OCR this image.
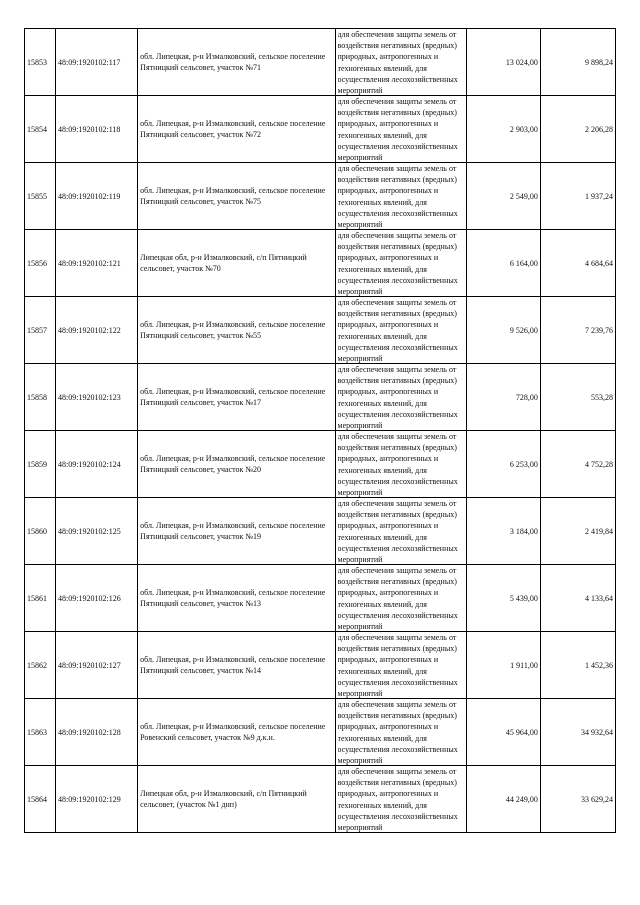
15853	48:09:1920102:117	обл. Липецкая, р-н Измалковский, сельское поселение Пятницкий сельсовет, участок №71	для обеспечения защиты земель от воздействия негативных (вредных) природных, антропогенных и техногенных явлений, для осуществления лесохозяйственных мероприятий	13 024,00	9 898,24
15854	48:09:1920102:118	обл. Липецкая, р-н Измалковский, сельское поселение Пятницкий сельсовет, участок №72	для обеспечения защиты земель от воздействия негативных (вредных) природных, антропогенных и техногенных явлений, для осуществления лесохозяйственных мероприятий	2 903,00	2 206,28
15855	48:09:1920102:119	обл. Липецкая, р-н Измалковский, сельское поселение Пятницкий сельсовет, участок №75	для обеспечения защиты земель от воздействия негативных (вредных) природных, антропогенных и техногенных явлений, для осуществления лесохозяйственных мероприятий	2 549,00	1 937,24
15856	48:09:1920102:121	Липецкая обл, р-н Измалковский, с/п Пятницкий сельсовет, участок №70	для обеспечения защиты земель от воздействия негативных (вредных) природных, антропогенных и техногенных явлений, для осуществления лесохозяйственных мероприятий	6 164,00	4 684,64
15857	48:09:1920102:122	обл. Липецкая, р-н Измалковский, сельское поселение Пятницкий сельсовет, участок №55	для обеспечения защиты земель от воздействия негативных (вредных) природных, антропогенных и техногенных явлений, для осуществления лесохозяйственных мероприятий	9 526,00	7 239,76
15858	48:09:1920102:123	обл. Липецкая, р-н Измалковский, сельское поселение Пятницкий сельсовет, участок №17	для обеспечения защиты земель от воздействия негативных (вредных) природных, антропогенных и техногенных явлений, для осуществления лесохозяйственных мероприятий	728,00	553,28
15859	48:09:1920102:124	обл. Липецкая, р-н Измалковский, сельское поселение Пятницкий сельсовет, участок №20	для обеспечения защиты земель от воздействия негативных (вредных) природных, антропогенных и техногенных явлений, для осуществления лесохозяйственных мероприятий	6 253,00	4 752,28
15860	48:09:1920102:125	обл. Липецкая, р-н Измалковский, сельское поселение Пятницкий сельсовет, участок №19	для обеспечения защиты земель от воздействия негативных (вредных) природных, антропогенных и техногенных явлений, для осуществления лесохозяйственных мероприятий	3 184,00	2 419,84
15861	48:09:1920102:126	обл. Липецкая, р-н Измалковский, сельское поселение Пятницкий сельсовет, участок №13	для обеспечения защиты земель от воздействия негативных (вредных) природных, антропогенных и техногенных явлений, для осуществления лесохозяйственных мероприятий	5 439,00	4 133,64
15862	48:09:1920102:127	обл. Липецкая, р-н Измалковский, сельское поселение Пятницкий сельсовет, участок №14	для обеспечения защиты земель от воздействия негативных (вредных) природных, антропогенных и техногенных явлений, для осуществления лесохозяйственных мероприятий	1 911,00	1 452,36
15863	48:09:1920102:128	обл. Липецкая, р-н Измалковский, сельское поселение Ровенский сельсовет, участок №9 д.к.н.	для обеспечения защиты земель от воздействия негативных (вредных) природных, антропогенных и техногенных явлений, для осуществления лесохозяйственных мероприятий	45 964,00	34 932,64
15864	48:09:1920102:129	Липецкая обл, р-н Измалковский, с/п Пятницкий сельсовет, (участок №1 днп)	для обеспечения защиты земель от воздействия негативных (вредных) природных, антропогенных и техногенных явлений, для осуществления лесохозяйственных мероприятий	44 249,00	33 629,24
